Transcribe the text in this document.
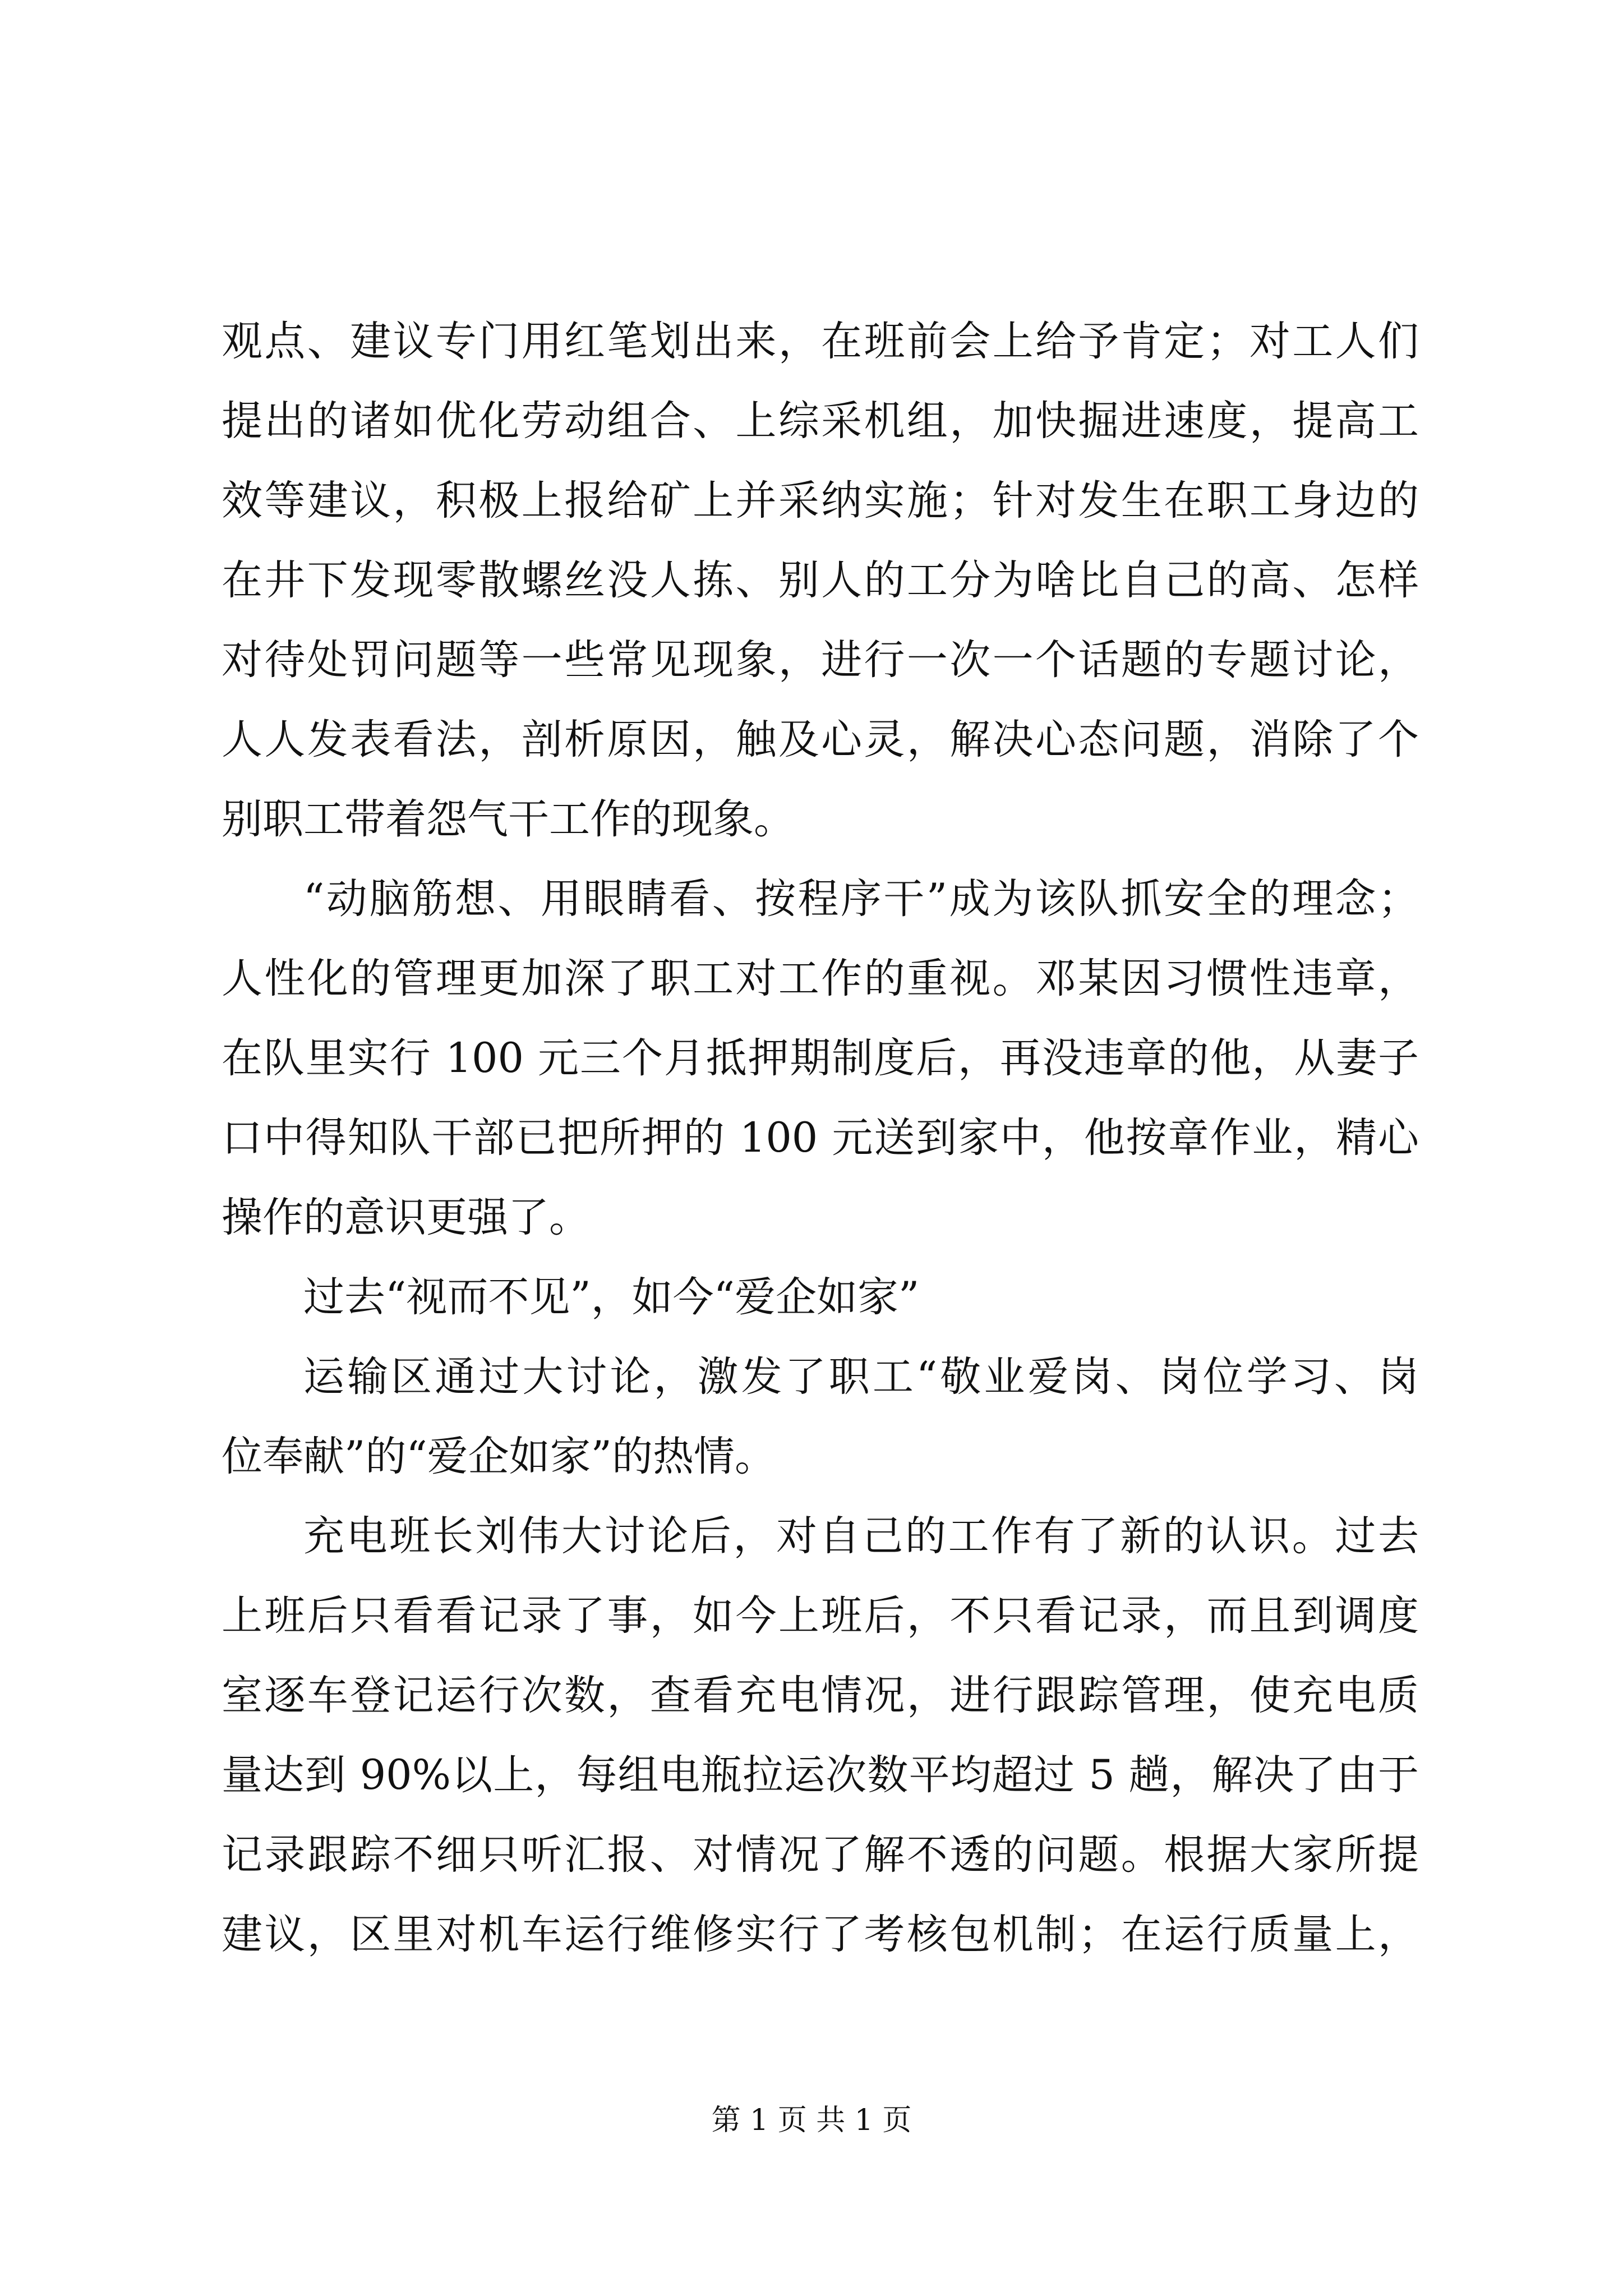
观点、建议专门用红笔划出来，在班前会上给予肯定；对工人们
提出的诸如优化劳动组合、上综采机组，加快掘进速度，提高工
效等建议，积极上报给矿上并采纳实施；针对发生在职工身边的
在井下发现零散螺丝没人拣、别人的工分为啥比自己的高、怎样
对待处罚问题等一些常见现象，进行一次一个话题的专题讨论，
人人发表看法，剖析原因，触及心灵，解决心态问题，消除了个
别职工带着怨气干工作的现象。
“动脑筋想、用眼睛看、按程序干”成为该队抓安全的理念；
人性化的管理更加深了职工对工作的重视。邓某因习惯性违章，
在队里实行 100 元三个月抵押期制度后，再没违章的他，从妻子
口中得知队干部已把所押的 100 元送到家中，他按章作业，精心
操作的意识更强了。
过去“视而不见”，如今“爱企如家”
运输区通过大讨论，激发了职工“敬业爱岗、岗位学习、岗
位奉献”的“爱企如家”的热情。
充电班长刘伟大讨论后，对自己的工作有了新的认识。过去
上班后只看看记录了事，如今上班后，不只看记录，而且到调度
室逐车登记运行次数，查看充电情况，进行跟踪管理，使充电质
量达到 90%以上，每组电瓶拉运次数平均超过 5 趟，解决了由于
记录跟踪不细只听汇报、对情况了解不透的问题。根据大家所提
建议，区里对机车运行维修实行了考核包机制；在运行质量上，
第 1 页 共 1 页
